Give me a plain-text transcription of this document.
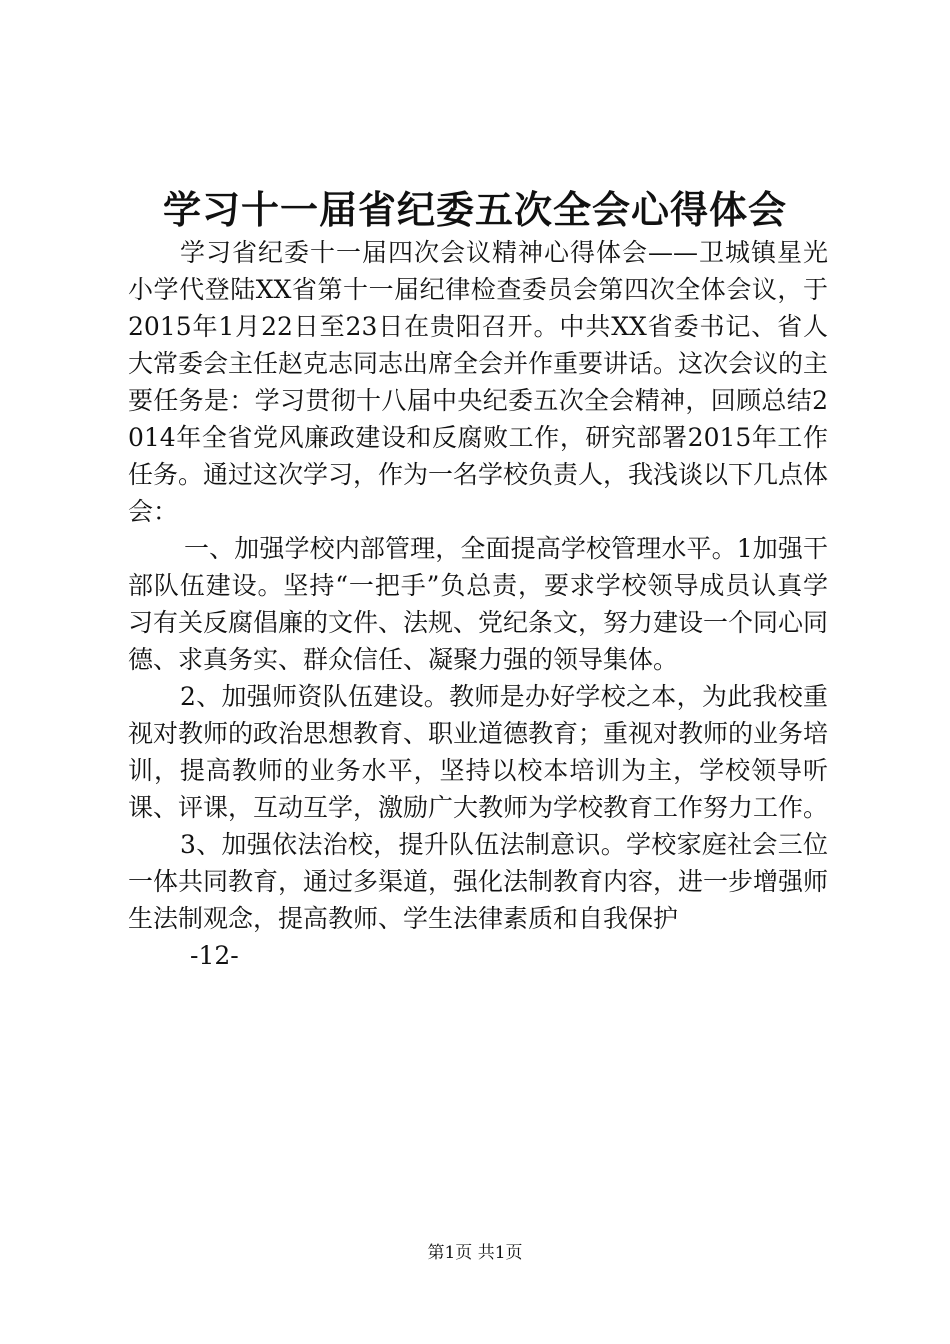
学习十一届省纪委五次全会心得体会

学习省纪委十一届四次会议精神心得体会——卫城镇星光小学代登陆XX省第十一届纪律检查委员会第四次全体会议，于2015年1月22日至23日在贵阳召开。中共XX省委书记、省人大常委会主任赵克志同志出席全会并作重要讲话。这次会议的主要任务是：学习贯彻十八届中央纪委五次全会精神，回顾总结2014年全省党风廉政建设和反腐败工作，研究部署2015年工作任务。通过这次学习，作为一名学校负责人，我浅谈以下几点体会：

一、加强学校内部管理，全面提高学校管理水平。1加强干部队伍建设。坚持“一把手”负总责，要求学校领导成员认真学习有关反腐倡廉的文件、法规、党纪条文，努力建设一个同心同德、求真务实、群众信任、凝聚力强的领导集体。

2、加强师资队伍建设。教师是办好学校之本，为此我校重视对教师的政治思想教育、职业道德教育；重视对教师的业务培训，提高教师的业务水平，坚持以校本培训为主，学校领导听课、评课，互动互学，激励广大教师为学校教育工作努力工作。

3、加强依法治校，提升队伍法制意识。学校家庭社会三位一体共同教育，通过多渠道，强化法制教育内容，进一步增强师生法制观念，提高教师、学生法律素质和自我保护

-12-

第1页 共1页
